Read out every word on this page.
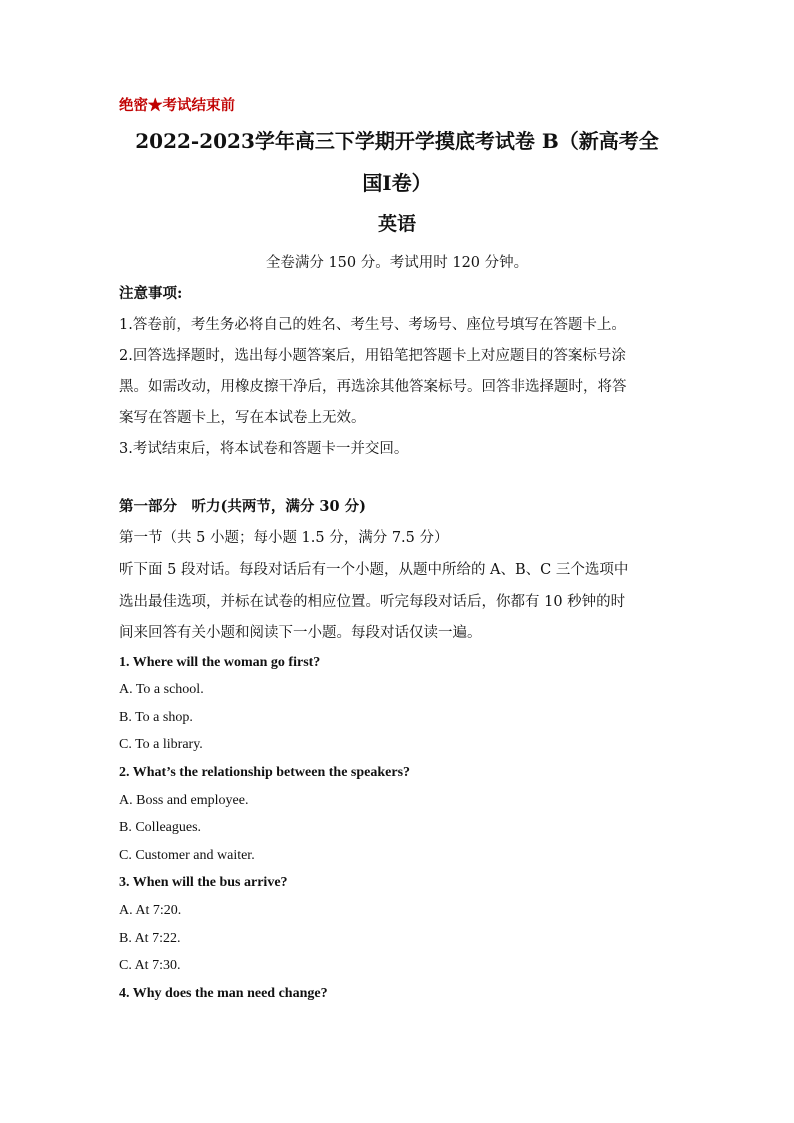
绝密★考试结束前
2022-2023学年高三下学期开学摸底考试卷 B（新高考全
国Ⅰ卷）
英语
全卷满分 150 分。考试用时 120 分钟。
注意事项:
1.答卷前，考生务必将自己的姓名、考生号、考场号、座位号填写在答题卡上。
2.回答选择题时，选出每小题答案后，用铅笔把答题卡上对应题目的答案标号涂
黑。如需改动，用橡皮擦干净后，再选涂其他答案标号。回答非选择题时，将答
案写在答题卡上，写在本试卷上无效。
3.考试结束后，将本试卷和答题卡一并交回。
第一部分　听力(共两节，满分 30 分)
第一节（共 5 小题；每小题 1.5 分，满分 7.5 分）
听下面 5 段对话。每段对话后有一个小题，从题中所给的 A、B、C 三个选项中
选出最佳选项，并标在试卷的相应位置。听完每段对话后，你都有 10 秒钟的时
间来回答有关小题和阅读下一小题。每段对话仅读一遍。
1. Where will the woman go first?
A. To a school.
B. To a shop.
C. To a library.
2. What’s the relationship between the speakers?
A. Boss and employee.
B. Colleagues.
C. Customer and waiter.
3. When will the bus arrive?
A. At 7:20.
B. At 7:22.
C. At 7:30.
4. Why does the man need change?
